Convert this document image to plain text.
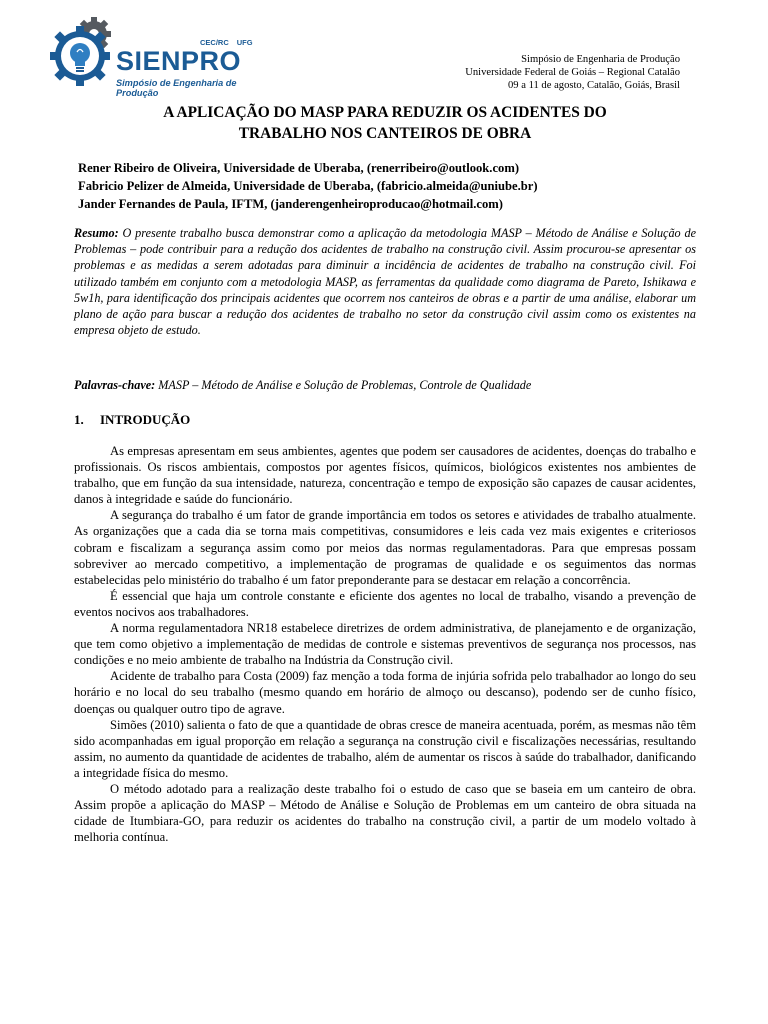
CEC/RC UFG
SIENPRO
Simpósio de Engenharia de Produção
Simpósio de Engenharia de Produção
Universidade Federal de Goiás – Regional Catalão
09 a 11 de agosto, Catalão, Goiás, Brasil
A APLICAÇÃO DO MASP PARA REDUZIR OS ACIDENTES DO
TRABALHO NOS CANTEIROS DE OBRA
Rener Ribeiro de Oliveira, Universidade de Uberaba, (renerribeiro@outlook.com)
Fabricio Pelizer de Almeida, Universidade de Uberaba, (fabricio.almeida@uniube.br)
Jander Fernandes de Paula, IFTM, (janderengenheiroproducao@hotmail.com)
Resumo: O presente trabalho busca demonstrar como a aplicação da metodologia MASP – Método de Análise e Solução de Problemas – pode contribuir para a redução dos acidentes de trabalho na construção civil. Assim procurou-se apresentar os problemas e as medidas a serem adotadas para diminuir a incidência de acidentes de trabalho na construção civil. Foi utilizado também em conjunto com a metodologia MASP, as ferramentas da qualidade como diagrama de Pareto, Ishikawa e 5w1h, para identificação dos principais acidentes que ocorrem nos canteiros de obras e a partir de uma análise, elaborar um plano de ação para buscar a redução dos acidentes de trabalho no setor da construção civil assim como os existentes na empresa objeto de estudo.
Palavras-chave: MASP – Método de Análise e Solução de Problemas, Controle de Qualidade
1. INTRODUÇÃO

As empresas apresentam em seus ambientes, agentes que podem ser causadores de acidentes, doenças do trabalho e profissionais. Os riscos ambientais, compostos por agentes físicos, químicos, biológicos existentes nos ambientes de trabalho, que em função da sua intensidade, natureza, concentração e tempo de exposição são capazes de causar acidentes, danos à integridade e saúde do funcionário.

A segurança do trabalho é um fator de grande importância em todos os setores e atividades de trabalho atualmente. As organizações que a cada dia se torna mais competitivas, consumidores e leis cada vez mais exigentes e criteriosos cobram e fiscalizam a segurança assim como por meios das normas regulamentadoras. Para que empresas possam sobreviver ao mercado competitivo, a implementação de programas de qualidade e os seguimentos das normas estabelecidas pelo ministério do trabalho é um fator preponderante para se destacar em relação a concorrência.

É essencial que haja um controle constante e eficiente dos agentes no local de trabalho, visando a prevenção de eventos nocivos aos trabalhadores.

A norma regulamentadora NR18 estabelece diretrizes de ordem administrativa, de planejamento e de organização, que tem como objetivo a implementação de medidas de controle e sistemas preventivos de segurança nos processos, nas condições e no meio ambiente de trabalho na Indústria da Construção civil.

Acidente de trabalho para Costa (2009) faz menção a toda forma de injúria sofrida pelo trabalhador ao longo do seu horário e no local do seu trabalho (mesmo quando em horário de almoço ou descanso), podendo ser de cunho físico, doenças ou qualquer outro tipo de agrave.

Simões (2010) salienta o fato de que a quantidade de obras cresce de maneira acentuada, porém, as mesmas não têm sido acompanhadas em igual proporção em relação a segurança na construção civil e fiscalizações necessárias, resultando assim, no aumento da quantidade de acidentes de trabalho, além de aumentar os riscos à saúde do trabalhador, danificando a integridade física do mesmo.

O método adotado para a realização deste trabalho foi o estudo de caso que se baseia em um canteiro de obra. Assim propõe a aplicação do MASP – Método de Análise e Solução de Problemas em um canteiro de obra situada na cidade de Itumbiara-GO, para reduzir os acidentes do trabalho na construção civil, a partir de um modelo voltado à melhoria contínua.
